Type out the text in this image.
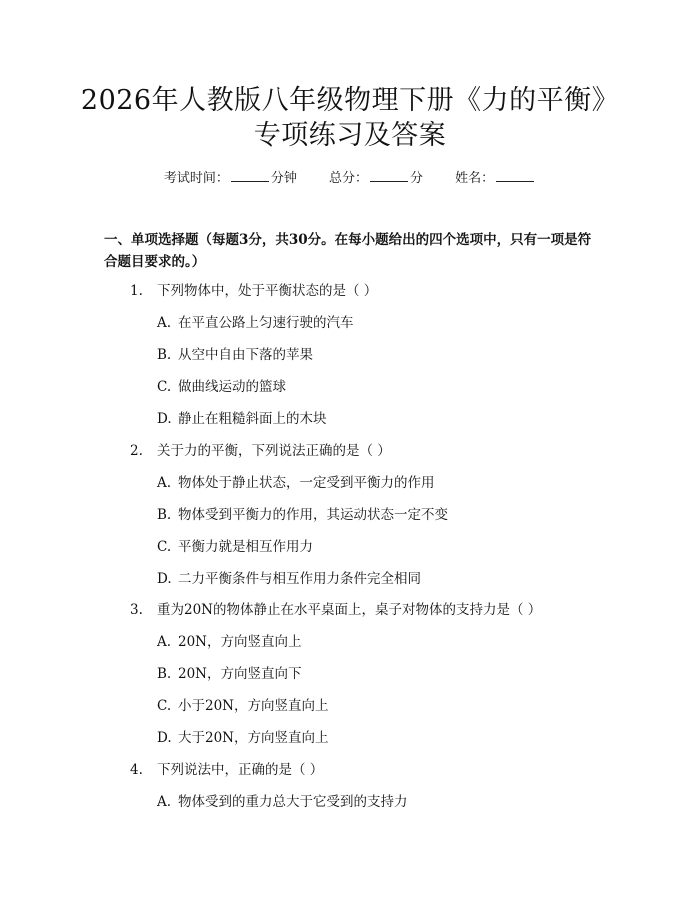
2026年人教版八年级物理下册《力的平衡》
专项练习及答案
考试时间：	分钟 总分：	分 姓名：
一、单项选择题（每题3分，共30分。在每小题给出的四个选项中，只有一项是符合题目要求的。）
1. 下列物体中，处于平衡状态的是（ ）
A. 在平直公路上匀速行驶的汽车
B. 从空中自由下落的苹果
C. 做曲线运动的篮球
D. 静止在粗糙斜面上的木块
2. 关于力的平衡，下列说法正确的是（ ）
A. 物体处于静止状态，一定受到平衡力的作用
B. 物体受到平衡力的作用，其运动状态一定不变
C. 平衡力就是相互作用力
D. 二力平衡条件与相互作用力条件完全相同
3. 重为20N的物体静止在水平桌面上，桌子对物体的支持力是（ ）
A. 20N，方向竖直向上
B. 20N，方向竖直向下
C. 小于20N，方向竖直向上
D. 大于20N，方向竖直向上
4. 下列说法中，正确的是（ ）
A. 物体受到的重力总大于它受到的支持力
